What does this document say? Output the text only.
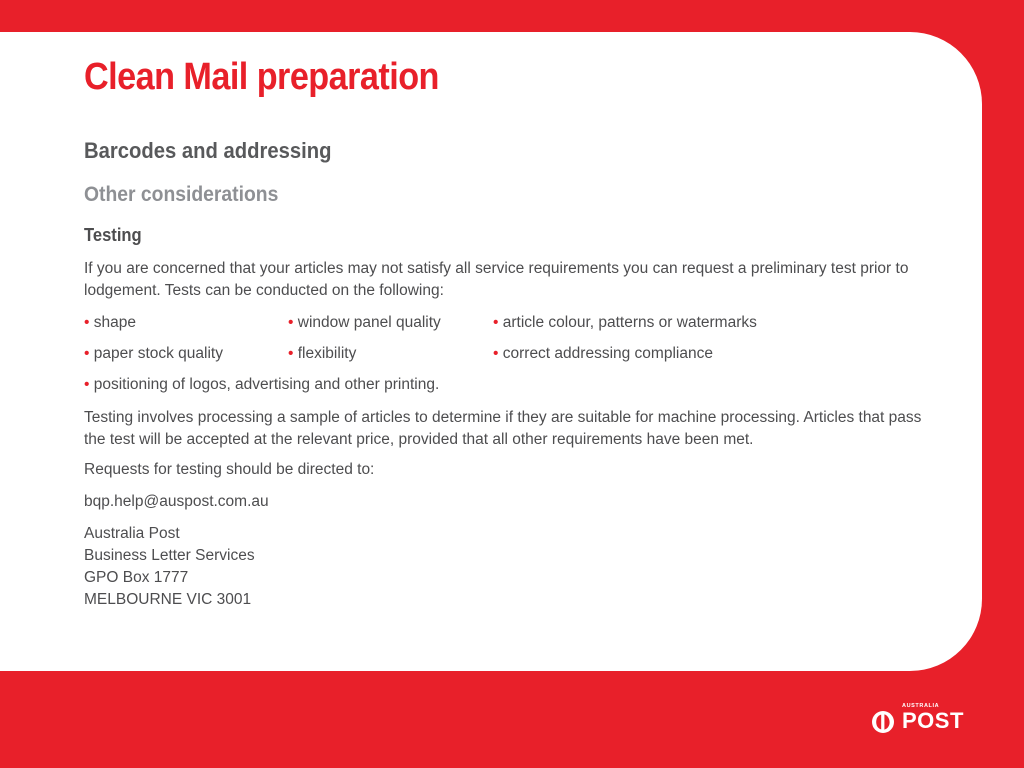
Clean Mail preparation
Barcodes and addressing
Other considerations
Testing

If you are concerned that your articles may not satisfy all service requirements you can request a preliminary test prior to lodgement. Tests can be conducted on the following:

• shape	• window panel quality	• article colour, patterns or watermarks
• paper stock quality	• flexibility	• correct addressing compliance
• positioning of logos, advertising and other printing.

Testing involves processing a sample of articles to determine if they are suitable for machine processing. Articles that pass the test will be accepted at the relevant price, provided that all other requirements have been met.

Requests for testing should be directed to:

bqp.help@auspost.com.au

Australia Post
Business Letter Services
GPO Box 1777
MELBOURNE VIC 3001
AUSTRALIA
POST
